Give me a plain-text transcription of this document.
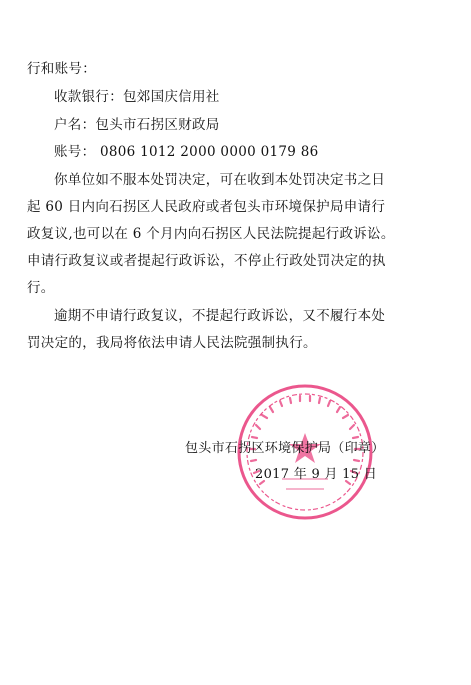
行和账号：
收款银行：包郊国庆信用社
户名：包头市石拐区财政局
账号： 0806 1012 2000 0000 0179 86
你单位如不服本处罚决定，可在收到本处罚决定书之日
起 60 日内向石拐区人民政府或者包头市环境保护局申请行
政复议,也可以在 6 个月内向石拐区人民法院提起行政诉讼。
申请行政复议或者提起行政诉讼，不停止行政处罚决定的执
行。
逾期不申请行政复议，不提起行政诉讼，又不履行本处
罚决定的，我局将依法申请人民法院强制执行。
包头市石拐区环境保护局（印章）
2017 年 9 月 15 日
